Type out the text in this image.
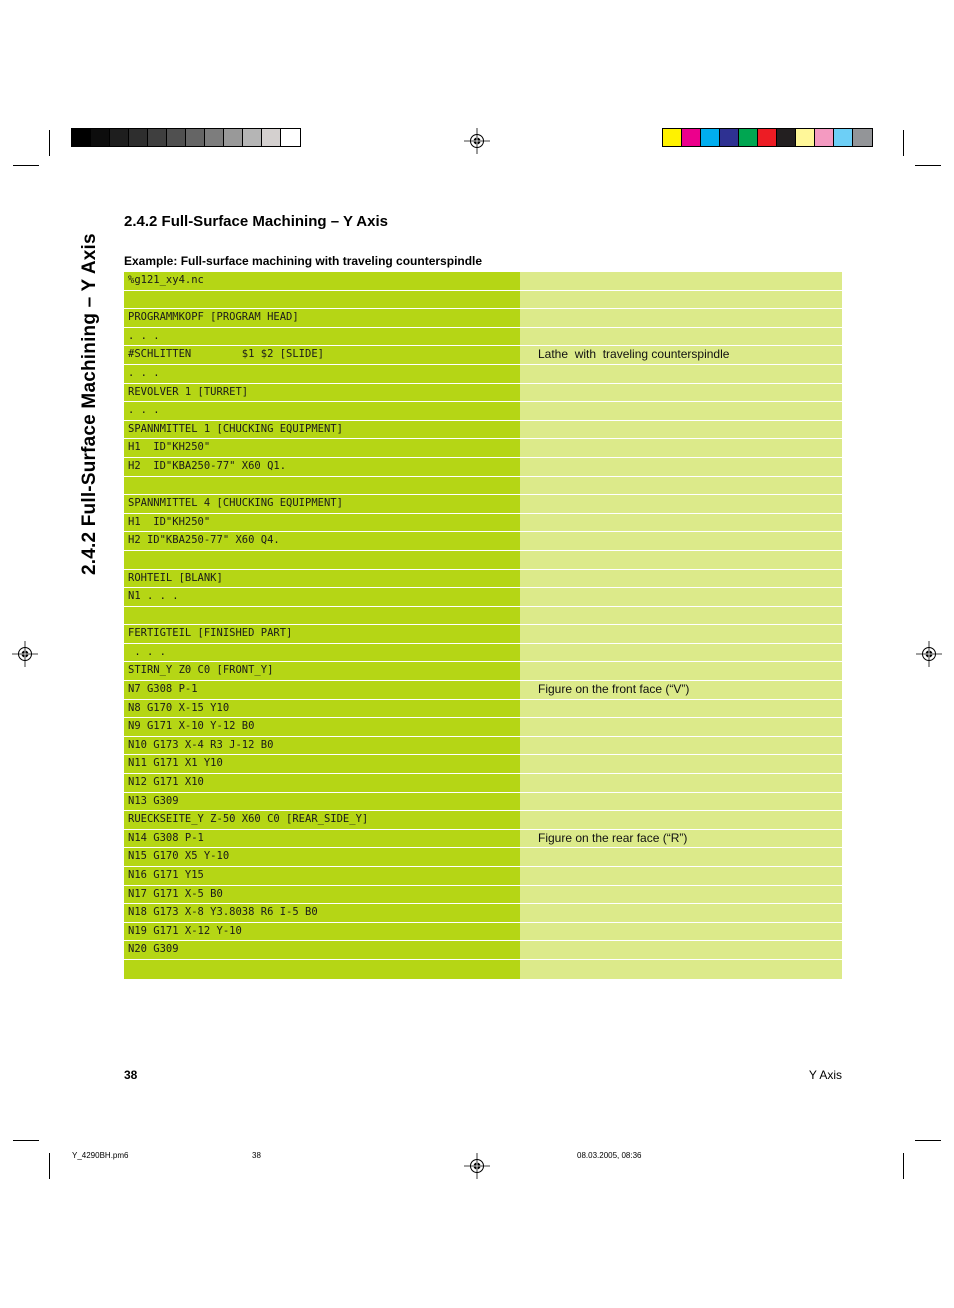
2.4.2 Full-Surface Machining – Y Axis
2.4.2 Full-Surface Machining – Y Axis
Example: Full-surface machining with traveling counterspindle
%g121_xy4.nc
PROGRAMMKOPF [PROGRAM HEAD]
. . .
#SCHLITTEN        $1 $2 [SLIDE]	Lathe  with  traveling counterspindle
. . .
REVOLVER 1 [TURRET]
. . .
SPANNMITTEL 1 [CHUCKING EQUIPMENT]
H1  ID"KH250"
H2  ID"KBA250-77" X60 Q1.
SPANNMITTEL 4 [CHUCKING EQUIPMENT]
H1  ID"KH250"
H2 ID"KBA250-77" X60 Q4.
ROHTEIL [BLANK]
N1 . . .
FERTIGTEIL [FINISHED PART]
. . .
STIRN_Y Z0 C0 [FRONT_Y]
N7 G308 P-1	Figure on the front face (“V”)
N8 G170 X-15 Y10
N9 G171 X-10 Y-12 B0
N10 G173 X-4 R3 J-12 B0
N11 G171 X1 Y10
N12 G171 X10
N13 G309
RUECKSEITE_Y Z-50 X60 C0 [REAR_SIDE_Y]
N14 G308 P-1	Figure on the rear face (“R”)
N15 G170 X5 Y-10
N16 G171 Y15
N17 G171 X-5 B0
N18 G173 X-8 Y3.8038 R6 I-5 B0
N19 G171 X-12 Y-10
N20 G309
38	Y Axis
Y_4290BH.pm6	38	08.03.2005, 08:36
